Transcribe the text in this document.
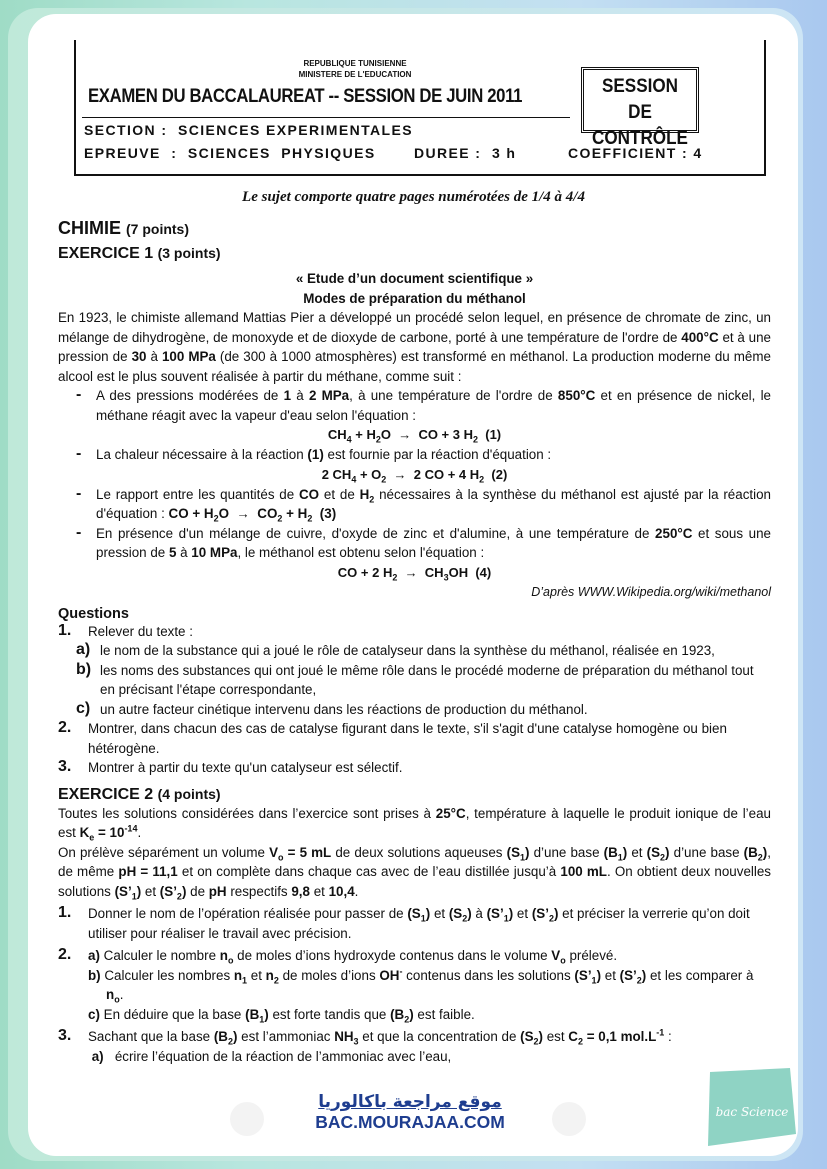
REPUBLIQUE TUNISIENNE
MINISTERE DE L'EDUCATION
EXAMEN DU BACCALAUREAT -- SESSION DE JUIN 2011	SESSION
DE CONTRÔLE
SECTION :  SCIENCES EXPERIMENTALES
EPREUVE  :  SCIENCES  PHYSIQUES	DUREE :  3 h	COEFFICIENT : 4
Le sujet comporte quatre pages numérotées de 1/4 à 4/4
CHIMIE (7 points)
EXERCICE 1 (3 points)

« Etude d’un document scientifique »

Modes de préparation du méthanol

En 1923, le chimiste allemand Mattias Pier a développé un procédé selon lequel, en présence de chromate de zinc, un mélange de dihydrogène, de monoxyde et de dioxyde de carbone, porté à une température de l'ordre de 400°C et à une pression de 30 à 100 MPa (de 300 à 1000 atmosphères) est transformé en méthanol. La production moderne du même alcool est le plus souvent réalisée à partir du méthane, comme suit :

- A des pressions modérées de 1 à 2 MPa, à une température de l'ordre de 850°C et en présence de nickel, le méthane réagit avec la vapeur d'eau selon l'équation :

$CH_4 + H_2O$  →  CO + 3 $H_2$  (1)

- La chaleur nécessaire à la réaction (1) est fournie par la réaction d'équation :

2 $CH_4 + O_2 \to 2$ CO + 4 $H_2$  (2)

- Le rapport entre les quantités de CO et de $H_2$ nécessaires à la synthèse du méthanol est ajusté par la réaction d'équation : CO + $H_2O \to CO_2 + H_2$  (3)

- En présence d'un mélange de cuivre, d'oxyde de zinc et d'alumine, à une température de 250°C et sous une pression de 5 à 10 MPa, le méthanol est obtenu selon l'équation :

CO + 2 $H_2 \to CH_3OH$  (4)

D’après WWW.Wikipedia.org/wiki/methanol

Questions
1. Relever du texte :

a) le nom de la substance qui a joué le rôle de catalyseur dans la synthèse du méthanol, réalisée en 1923,

b) les noms des substances qui ont joué le même rôle dans le procédé moderne de préparation du méthanol tout en précisant l'étape correspondante,

c) un autre facteur cinétique intervenu dans les réactions de production du méthanol.

2. Montrer, dans chacun des cas de catalyse figurant dans le texte, s'il s'agit d'une catalyse homogène ou bien hétérogène.

3. Montrer à partir du texte qu'un catalyseur est sélectif.

EXERCICE 2 (4 points)

Toutes les solutions considérées dans l’exercice sont prises à 25°C, température à laquelle le produit ionique de l’eau est $K_e = 10^{-14}$.

On prélève séparément un volume $V_o = 5$ mL de deux solutions aqueuses $(S_1)$ d’une base $(B_1)$ et $(S_2)$ d’une base $(B_2)$, de même pH = 11,1 et on complète dans chaque cas avec de l’eau distillée jusqu’à 100 mL. On obtient deux nouvelles solutions $(S’_1)$ et $(S’_2)$ de pH respectifs 9,8 et 10,4.

1. Donner le nom de l’opération réalisée pour passer de $(S_1)$ et $(S_2)$ à $(S’_1)$ et $(S’_2)$ et préciser la verrerie qu’on doit utiliser pour réaliser le travail avec précision.

2. a) Calculer le nombre $n_o$ de moles d’ions hydroxyde contenus dans le volume $V_o$ prélevé.

b) Calculer les nombres $n_1$ et $n_2$ de moles d’ions OH- contenus dans les solutions $(S’_1)$ et $(S’_2)$ et les comparer à $n_o$.

c) En déduire que la base $(B_1)$ est forte tandis que $(B_2)$ est faible.

3. Sachant que la base $(B_2)$ est l’ammoniac $NH_3$ et que la concentration de $(S_2)$ est $C_2 = 0,1$ $mol.L^{-1}$ :

a)   écrire l’équation de la réaction de l’ammoniac avec l’eau,

موقع مراجعة باكالوريا
BAC.MOURAJAA.COM	bac Science
